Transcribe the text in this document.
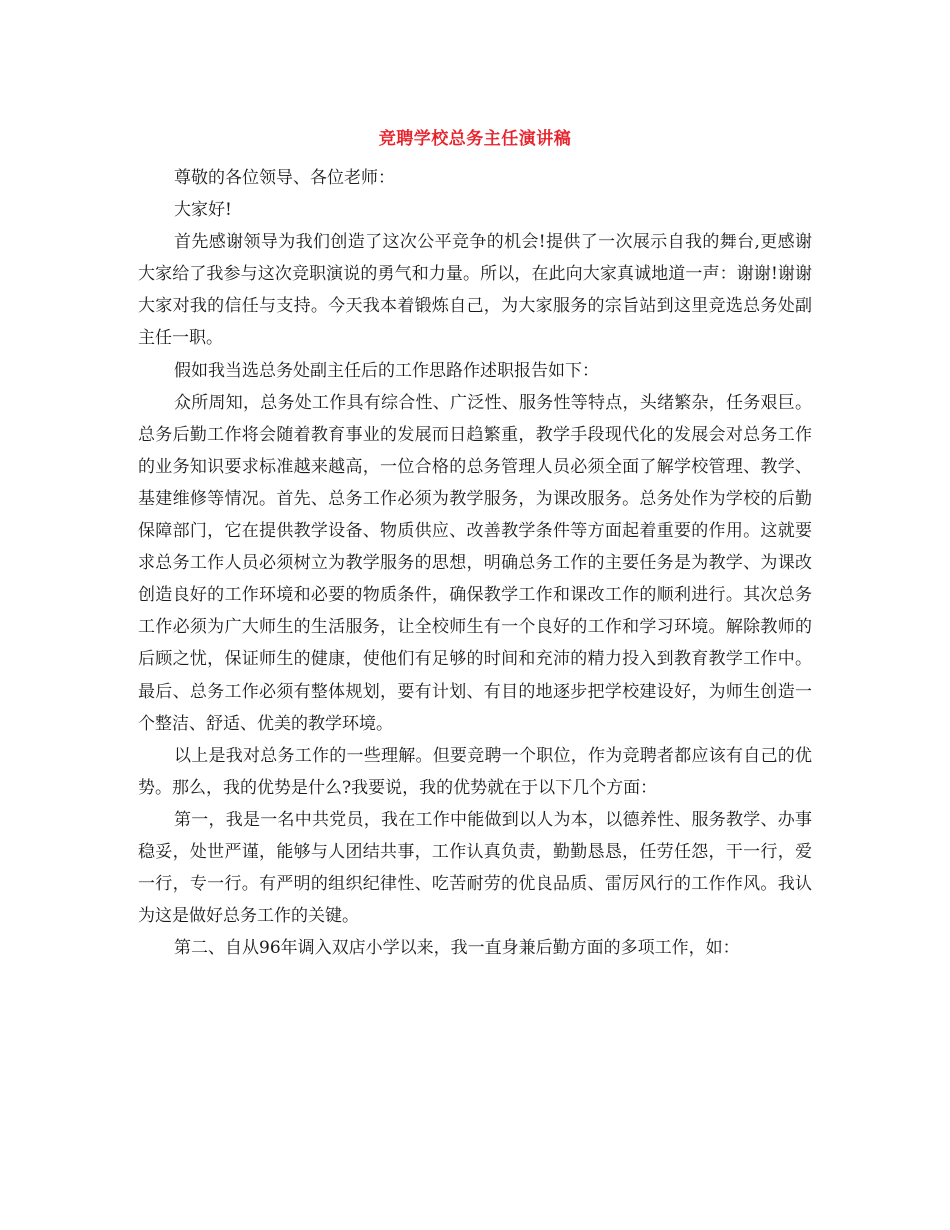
竞聘学校总务主任演讲稿

尊敬的各位领导、各位老师：

大家好!

首先感谢领导为我们创造了这次公平竞争的机会!提供了一次展示自我的舞台,更感谢大家给了我参与这次竞职演说的勇气和力量。所以，在此向大家真诚地道一声：谢谢!谢谢大家对我的信任与支持。今天我本着锻炼自己，为大家服务的宗旨站到这里竞选总务处副主任一职。

假如我当选总务处副主任后的工作思路作述职报告如下：

众所周知，总务处工作具有综合性、广泛性、服务性等特点，头绪繁杂，任务艰巨。总务后勤工作将会随着教育事业的发展而日趋繁重，教学手段现代化的发展会对总务工作的业务知识要求标准越来越高，一位合格的总务管理人员必须全面了解学校管理、教学、基建维修等情况。首先、总务工作必须为教学服务，为课改服务。总务处作为学校的后勤保障部门，它在提供教学设备、物质供应、改善教学条件等方面起着重要的作用。这就要求总务工作人员必须树立为教学服务的思想，明确总务工作的主要任务是为教学、为课改创造良好的工作环境和必要的物质条件，确保教学工作和课改工作的顺利进行。其次总务工作必须为广大师生的生活服务，让全校师生有一个良好的工作和学习环境。解除教师的后顾之忧，保证师生的健康，使他们有足够的时间和充沛的精力投入到教育教学工作中。最后、总务工作必须有整体规划，要有计划、有目的地逐步把学校建设好，为师生创造一个整洁、舒适、优美的教学环境。

以上是我对总务工作的一些理解。但要竞聘一个职位，作为竞聘者都应该有自己的优势。那么，我的优势是什么?我要说，我的优势就在于以下几个方面：

第一，我是一名中共党员，我在工作中能做到以人为本，以德养性、服务教学、办事稳妥，处世严谨，能够与人团结共事，工作认真负责，勤勤恳恳，任劳任怨，干一行，爱一行，专一行。有严明的组织纪律性、吃苦耐劳的优良品质、雷厉风行的工作作风。我认为这是做好总务工作的关键。

第二、自从96年调入双店小学以来，我一直身兼后勤方面的多项工作，如：
